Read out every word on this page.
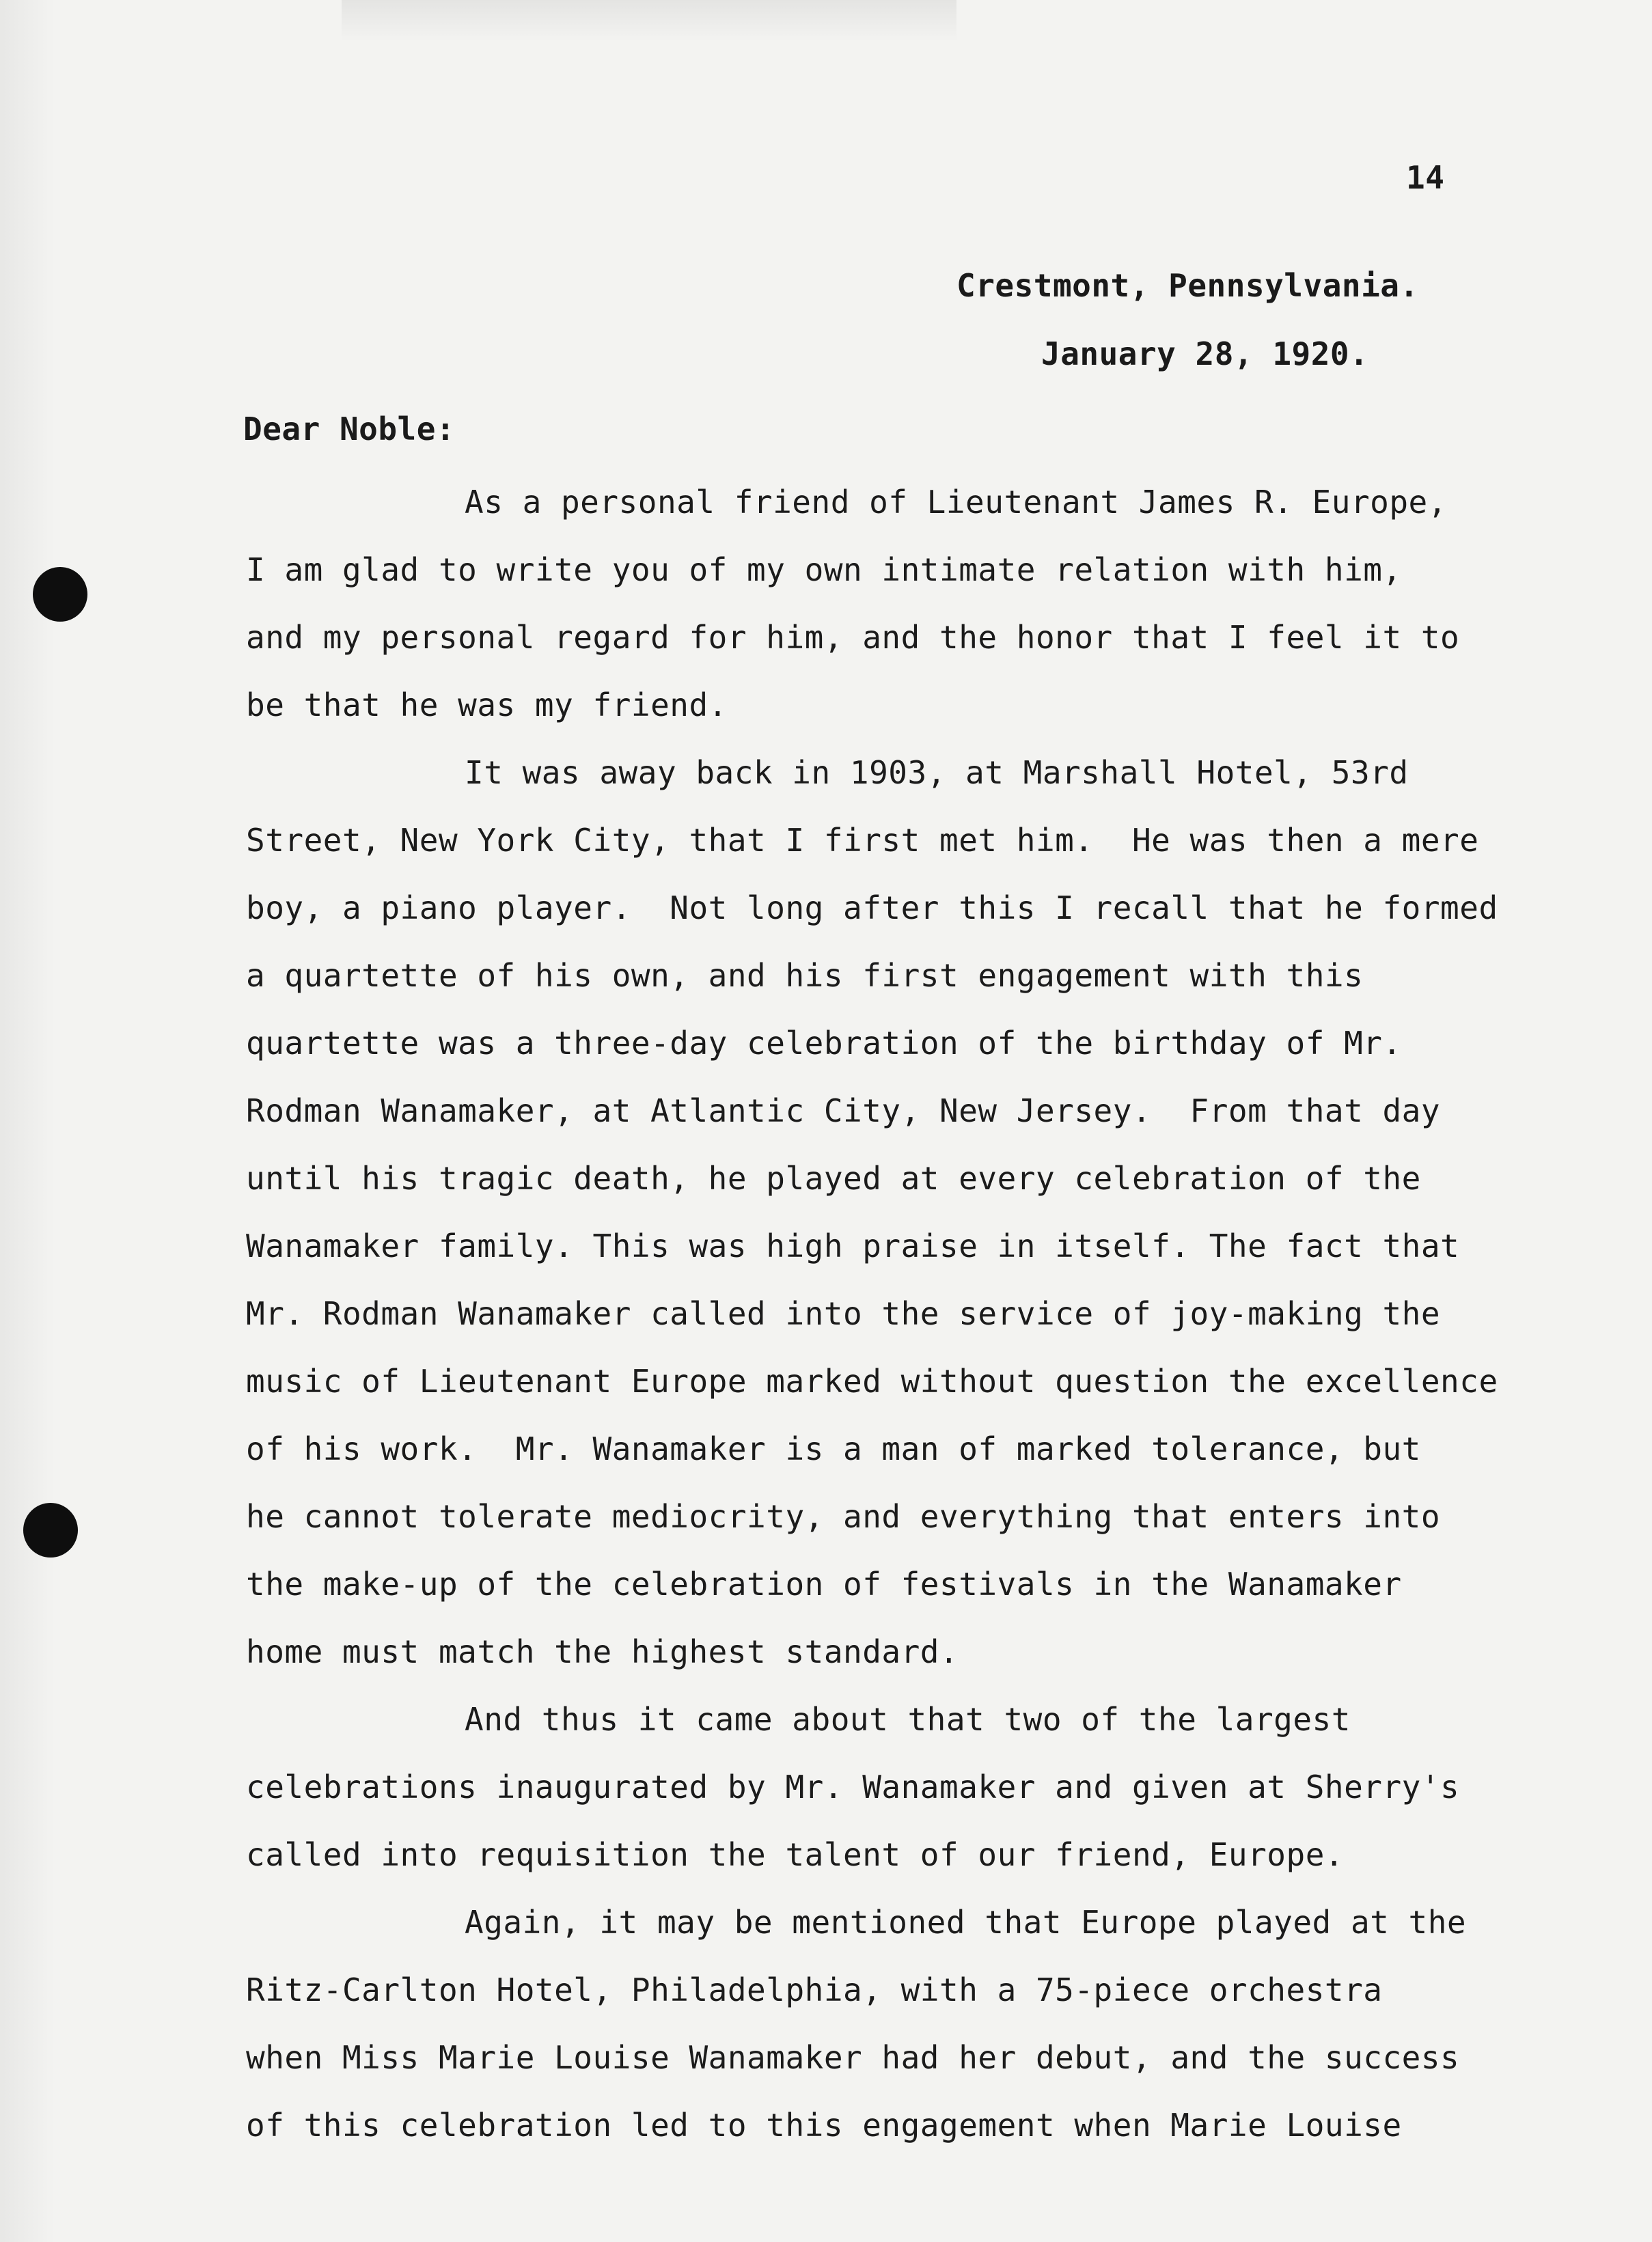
14
Crestmont, Pennsylvania.
January 28, 1920.
Dear Noble:
As a personal friend of Lieutenant James R. Europe,
I am glad to write you of my own intimate relation with him,
and my personal regard for him, and the honor that I feel it to
be that he was my friend.
It was away back in 1903, at Marshall Hotel, 53rd
Street, New York City, that I first met him.  He was then a mere
boy, a piano player.  Not long after this I recall that he formed
a quartette of his own, and his first engagement with this
quartette was a three-day celebration of the birthday of Mr.
Rodman Wanamaker, at Atlantic City, New Jersey.  From that day
until his tragic death, he played at every celebration of the
Wanamaker family. This was high praise in itself. The fact that
Mr. Rodman Wanamaker called into the service of joy-making the
music of Lieutenant Europe marked without question the excellence
of his work.  Mr. Wanamaker is a man of marked tolerance, but
he cannot tolerate mediocrity, and everything that enters into
the make-up of the celebration of festivals in the Wanamaker
home must match the highest standard.
And thus it came about that two of the largest
celebrations inaugurated by Mr. Wanamaker and given at Sherry's
called into requisition the talent of our friend, Europe.
Again, it may be mentioned that Europe played at the
Ritz-Carlton Hotel, Philadelphia, with a 75-piece orchestra
when Miss Marie Louise Wanamaker had her debut, and the success
of this celebration led to this engagement when Marie Louise
